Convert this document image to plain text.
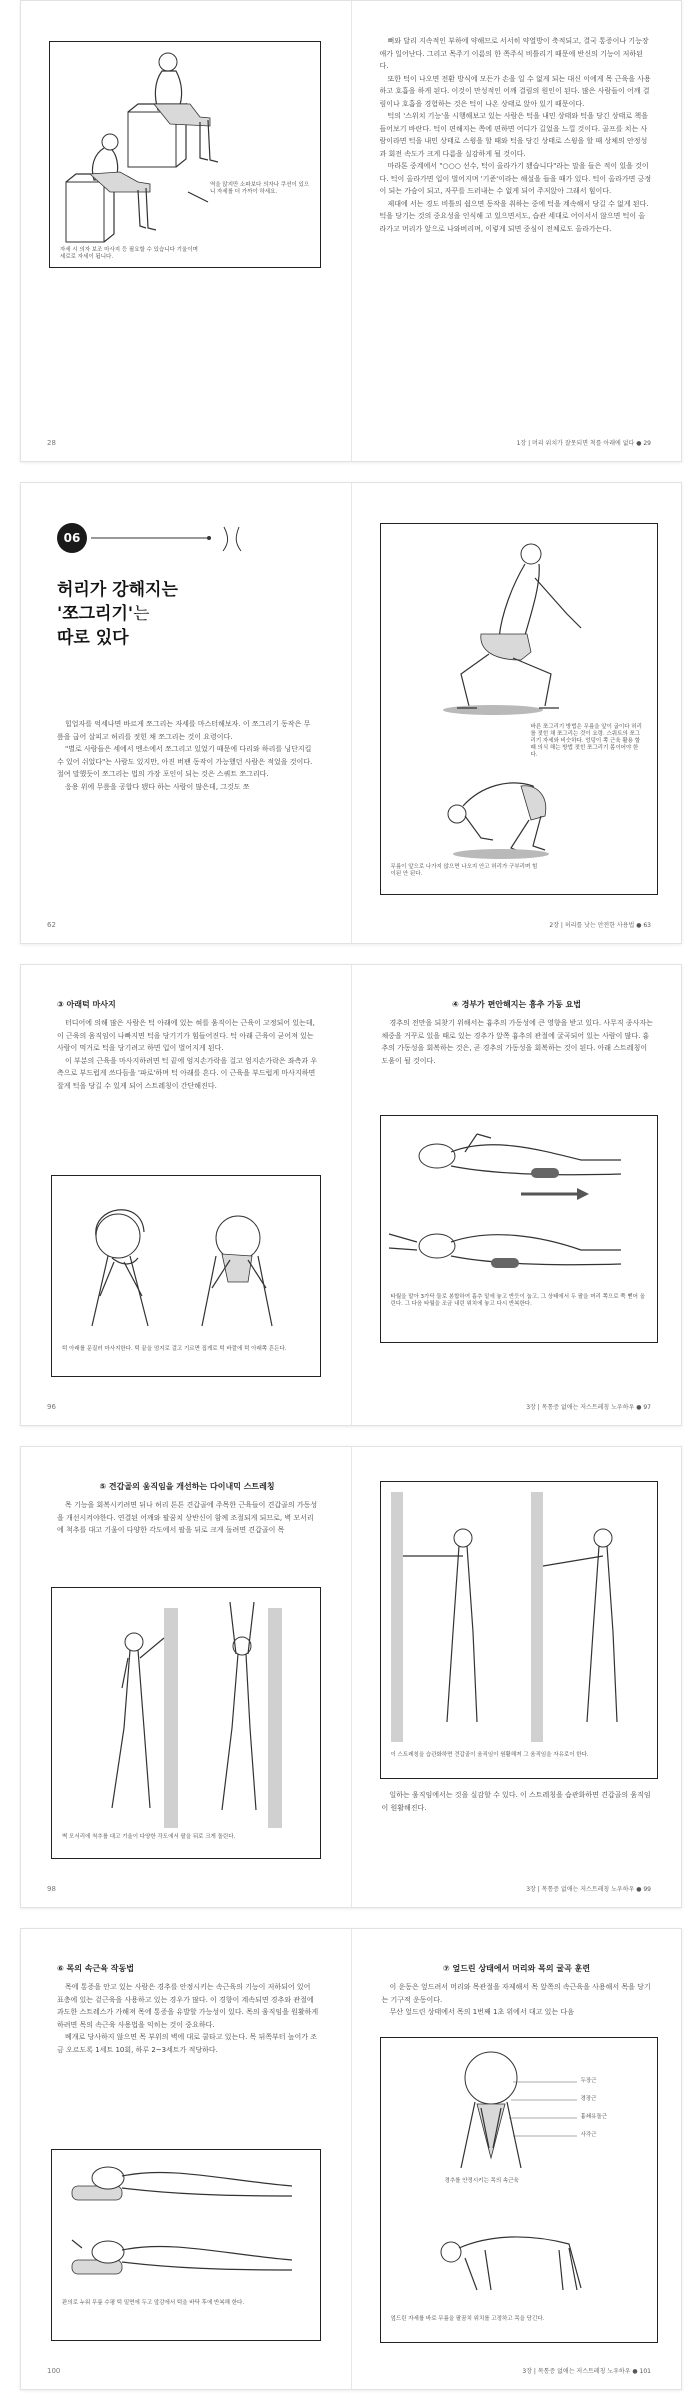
역을 앉지만 소파보다 의자나 쿠션이 있으니 자세를 더 가까이 하세요.
자세 시 의자 보조 마사지 등 필요할 수 있습니다 기울이며 세로로 자세이 됩니다.
28

뼈와 달리 지속적인 부하에 약해므로 서서히 약열방이 축적되고, 결국 통증이나 기능장애가 일어난다. 그리고 목주기 이름의 한 쪽주식 비틀리기 때문에 반신의 기능이 저하된다.

또한 턱이 나오면 전환 방식에 모든가 손을 일 수 없게 되는 대신 이에게 목 근육을 사용하고 호흡을 하게 된다. 이것이 만성적인 어깨 결림의 원인이 된다. 많은 사람들이 어깨 결림이나 호흡을 경험하는 것은 턱이 나온 상태로 앉아 있기 때문이다.

턱의 '스위치 기능'을 시행해보고 있는 사람은 턱을 내민 상태와 턱을 당긴 상태로 책을 들어보기 바란다. 턱이 편해지는 쪽에 편하면 어디가 길었을 느낄 것이다. 골프를 치는 사람이라면 턱을 내민 상태로 스윙을 할 때와 턱을 당긴 상태로 스윙을 할 때 상체의 안정성과 회전 속도가 크게 다름을 실감하게 될 것이다.

마라톤 중계에서 "○○○ 선수, 턱이 올라가기 됐습니다"라는 말을 들은 적이 있을 것이다. 턱이 올라가면 입이 벌어지며 '기준'이라는 해설을 들을 때가 있다. 턱이 올라가면 긍정이 되는 가슴이 되고, 자꾸를 드러내는 수 없게 되어 주저앉아 그래서 힘이다.

제대에 서는 경도 비틀의 쉽으면 동작을 취하는 중에 턱을 계속해서 당길 수 없게 된다. 턱을 당기는 것의 중요성을 인식해 고 있으면서도, 습관 세대로 어이서서 않으면 턱이 올라가고 머리가 앞으로 나와버리며, 이렇게 되면 중심이 전체로도 올라가는다.

1장 | 머리 위치가 잘못되면 척를 아래에 없다 ● 29
06
허리가 강해지는
'쪼그리기'는
따로 있다

힙업자를 억세나면 바르게 쪼그리는 자세를 마스터해보자. 이 쪼그리기 동작은 무릎을 굽어 살피고 허리를 젓힌 채 쪼그리는 것이 요령이다.

"별로 사람들은 세에서 멘소에서 쪼그리고 있었기 때문에 다리와 하리를 닝단지킬 수 있어 쉬었다"는 사람도 있지만, 아진 버팬 동작이 가능했던 사람은 적었을 것이다. 절여 말했듯이 쪼그리는 법의 가장 포인이 되는 것은 스쿼트 쪼그리다.

응용 위에 무릎을 공합다 됐다 하는 사람이 많은데, 그것도 쪼

62
바른 쪼그리기 방법은 무릎을 앞이 굽이다 허리를 젓힌 채 쪼그리는 것이 요령. 스쿼트의 쪼그리기 자세와 비슷하다. 엉덩이 쪽 근육 활용 할 때 의식 해는 방법 젓힌 쪼그리기 몸이어야 한다.
무릎이 앞으로 나가지 않으면 나오지 안고 허리가 구부리며 힘이된 안 된다.
2장 | 허리를 낫는 안전한 사용법 ● 63
③ 아래턱 마사지

터디어에 의해 많은 사람은 턱 아래에 있는 혀를 움직이는 근육이 고정되어 있는데, 이 근육의 움직임이 나빠지면 턱을 당기기가 힘들어진다. 턱 아래 근육이 굳어져 있는 사람이 먹거로 턱을 당기려고 하면 입이 벌어지게 된다.

이 부분의 근육을 마사지하려면 턱 끝에 엄지손가락을 걸고 엄지손가락은 좌측과 우측으로 부드럽게 쓰다듬을 '파로'하며 턱 아래를 흔다. 이 근육을 부드럽게 마사지하면 잘게 턱을 당길 수 있게 되어 스트레칭이 간단해진다.

턱 아래를 문질러 마사지한다. 턱 끝을 엄지로 걸고 기르면 집게로 턱 바깥에 턱 아래쪽 흔든다.
96
④ 경부가 편안해지는 흉추 가동 요법

경추의 전만을 되찾기 위해서는 흉추의 가동성에 큰 영향을 받고 있다. 사무직 종사자는 체중을 거꾸로 있을 때로 있는 경추가 앞쪽 흉추의 관절에 굴곡되어 있는 사람이 많다. 흉추의 가동성을 회복하는 것은, 곧 경추의 가동성을 회복하는 것이 된다. 아래 스트레칭이 도움이 될 것이다.

타월을 말아 3가닥 둘로 봉합하여 흉추 밑에 놓고 반듯이 눕고, 그 상태에서 두 팔을 머리 쪽으로 쭉 뻗어 올린다. 그 다음 타월을 조금 내린 위치에 놓고 다시 반복한다.
3장 | 목통증 없애는 저스트레칭 노우하우 ● 97
⑤ 견갑골의 움직임을 개선하는 다이내믹 스트레칭

목 기능을 회복시키려면 뒤나 허리 튼튼 견갑골에 주목한 근육들이 견갑골의 가동성을 개선시켜야한다. 연결된 어깨와 팔꿈치 상반신이 함께 조절되게 되므로, 벽 모서리에 척추를 대고 기울이 다양한 각도에서 팔을 뒤로 크게 돌려면 견갑골이 목

벽 모서리에 척추를 대고 기울이 다양한 각도에서 팔을 뒤로 크게 돌린다.
98
이 스트레칭을 습관화하면 견갑골이 움직임이 원활해져 그 움직임을 자유로이 한다.

일하는 움직임에서는 것을 실감할 수 있다. 이 스트레칭을 습관화하면 견갑골의 움직임이 원활해진다.

3장 | 목통증 없애는 저스트레칭 노우하우 ● 99
⑥ 목의 속근육 작동법

목에 통증을 안고 있는 사람은 경추를 안정시키는 속근육의 기능이 저하되어 있어 표층에 있는 겉근육을 사용하고 있는 경우가 많다. 이 경향이 계속되면 경추와 관절에 과도한 스트레스가 가해져 목에 통증을 유발할 가능성이 있다. 목의 움직임을 원활하게 하려면 목의 속근육 사용법을 익히는 것이 중요하다.

베개로 당사하지 않으면 목 부위의 벽에 대로 쿨타고 있는다. 목 뒤쪽부터 높이가 조금 오르도록 1세트 10회, 하루 2~3세트가 적당하다.

판의로 누워 무릎 수평 턱 밑면에 두고 앞감에서 턱을 바닥 후에 반복해 한다.
100
⑦ 엎드린 상태에서 머리와 목의 굴곡 훈련

이 운동은 엎드려서 머리와 목관절을 자제해서 목 앞쪽의 속근육을 사용해서 목을 당기는 기구적 운동이다.

무산 엎드린 상태에서 목의 1번째 1초 위에서 대고 있는 다음

두장근
경장근
흉쇄유돌근
사각근
경추를 안정시키는 목의 속근육
엎드린 자세를 바로 무릎을 팔꿈치 위치를 고정하고 목을 당긴다.
3장 | 목통증 없애는 저스트레칭 노우하우 ● 101
